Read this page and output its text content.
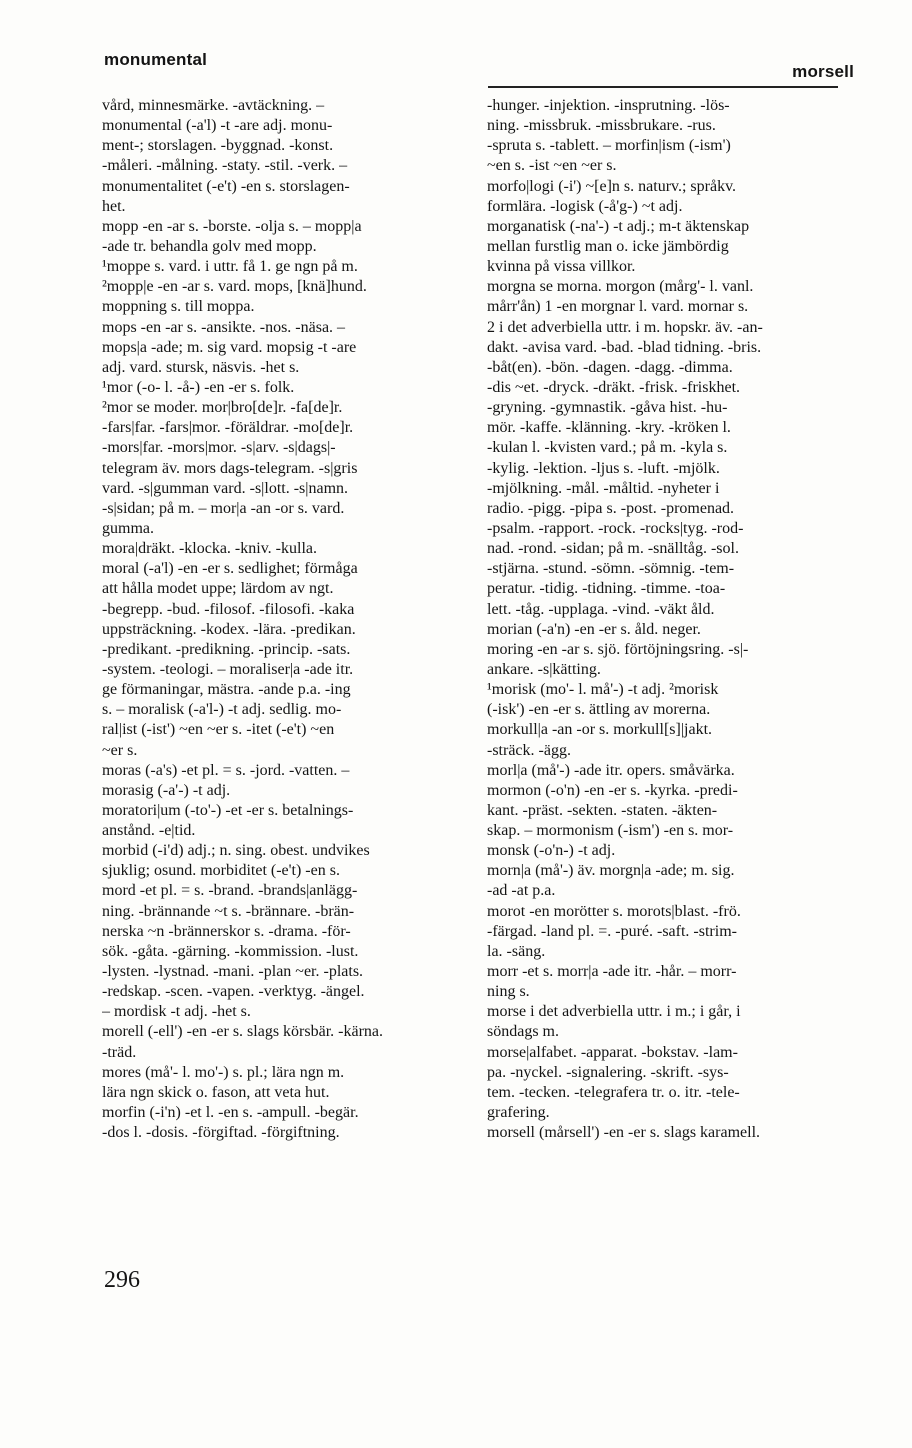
monumental
morsell
vård, minnesmärke. -avtäckning. –
monumental (-a'l) -t -are adj. monu-
ment-; storslagen. -byggnad. -konst.
-måleri. -målning. -staty. -stil. -verk. –
monumentalitet (-e't) -en s. storslagen-
het.
mopp -en -ar s. -borste. -olja s. – mopp|a
-ade tr. behandla golv med mopp.
¹moppe s. vard. i uttr. få 1. ge ngn på m.
²mopp|e -en -ar s. vard. mops, [knä]hund.
moppning s. till moppa.
mops -en -ar s. -ansikte. -nos. -näsa. –
mops|a -ade; m. sig vard. mopsig -t -are
adj. vard. stursk, näsvis. -het s.
¹mor (-o- l. -å-) -en -er s. folk.
²mor se moder. mor|bro[de]r. -fa[de]r.
-fars|far. -fars|mor. -föräldrar. -mo[de]r.
-mors|far. -mors|mor. -s|arv. -s|dags|-
telegram äv. mors dags-telegram. -s|gris
vard. -s|gumman vard. -s|lott. -s|namn.
-s|sidan; på m. – mor|a -an -or s. vard.
gumma.
mora|dräkt. -klocka. -kniv. -kulla.
moral (-a'l) -en -er s. sedlighet; förmåga
att hålla modet uppe; lärdom av ngt.
-begrepp. -bud. -filosof. -filosofi. -kaka
uppsträckning. -kodex. -lära. -predikan.
-predikant. -predikning. -princip. -sats.
-system. -teologi. – moraliser|a -ade itr.
ge förmaningar, mästra. -ande p.a. -ing
s. – moralisk (-a'l-) -t adj. sedlig. mo-
ral|ist (-ist') ~en ~er s. -itet (-e't) ~en
~er s.
moras (-a's) -et pl. = s. -jord. -vatten. –
morasig (-a'-) -t adj.
moratori|um (-to'-) -et -er s. betalnings-
anstånd. -e|tid.
morbid (-i'd) adj.; n. sing. obest. undvikes
sjuklig; osund. morbiditet (-e't) -en s.
mord -et pl. = s. -brand. -brands|anlägg-
ning. -brännande ~t s. -brännare. -brän-
nerska ~n -brännerskor s. -drama. -för-
sök. -gåta. -gärning. -kommission. -lust.
-lysten. -lystnad. -mani. -plan ~er. -plats.
-redskap. -scen. -vapen. -verktyg. -ängel.
– mordisk -t adj. -het s.
morell (-ell') -en -er s. slags körsbär. -kärna.
-träd.
mores (må'- l. mo'-) s. pl.; lära ngn m.
lära ngn skick o. fason, att veta hut.
morfin (-i'n) -et l. -en s. -ampull. -begär.
-dos l. -dosis. -förgiftad. -förgiftning.
-hunger. -injektion. -insprutning. -lös-
ning. -missbruk. -missbrukare. -rus.
-spruta s. -tablett. – morfin|ism (-ism')
~en s. -ist ~en ~er s.
morfo|logi (-i') ~[e]n s. naturv.; språkv.
formlära. -logisk (-å'g-) ~t adj.
morganatisk (-na'-) -t adj.; m-t äktenskap
mellan furstlig man o. icke jämbördig
kvinna på vissa villkor.
morgna se morna. morgon (mårg'- l. vanl.
mårr'ån) 1 -en morgnar l. vard. mornar s.
2 i det adverbiella uttr. i m. hopskr. äv. -an-
dakt. -avisa vard. -bad. -blad tidning. -bris.
-båt(en). -bön. -dagen. -dagg. -dimma.
-dis ~et. -dryck. -dräkt. -frisk. -friskhet.
-gryning. -gymnastik. -gåva hist. -hu-
mör. -kaffe. -klänning. -kry. -kröken l.
-kulan l. -kvisten vard.; på m. -kyla s.
-kylig. -lektion. -ljus s. -luft. -mjölk.
-mjölkning. -mål. -måltid. -nyheter i
radio. -pigg. -pipa s. -post. -promenad.
-psalm. -rapport. -rock. -rocks|tyg. -rod-
nad. -rond. -sidan; på m. -snälltåg. -sol.
-stjärna. -stund. -sömn. -sömnig. -tem-
peratur. -tidig. -tidning. -timme. -toa-
lett. -tåg. -upplaga. -vind. -väkt åld.
morian (-a'n) -en -er s. åld. neger.
moring -en -ar s. sjö. förtöjningsring. -s|-
ankare. -s|kätting.
¹morisk (mo'- l. må'-) -t adj. ²morisk
(-isk') -en -er s. ättling av morerna.
morkull|a -an -or s. morkull[s]|jakt.
-sträck. -ägg.
morl|a (må'-) -ade itr. opers. småvärka.
mormon (-o'n) -en -er s. -kyrka. -predi-
kant. -präst. -sekten. -staten. -äkten-
skap. – mormonism (-ism') -en s. mor-
monsk (-o'n-) -t adj.
morn|a (må'-) äv. morgn|a -ade; m. sig.
-ad -at p.a.
morot -en morötter s. morots|blast. -frö.
-färgad. -land pl. =. -puré. -saft. -strim-
la. -säng.
morr -et s. morr|a -ade itr. -hår. – morr-
ning s.
morse i det adverbiella uttr. i m.; i går, i
söndags m.
morse|alfabet. -apparat. -bokstav. -lam-
pa. -nyckel. -signalering. -skrift. -sys-
tem. -tecken. -telegrafera tr. o. itr. -tele-
grafering.
morsell (mårsell') -en -er s. slags karamell.
296
